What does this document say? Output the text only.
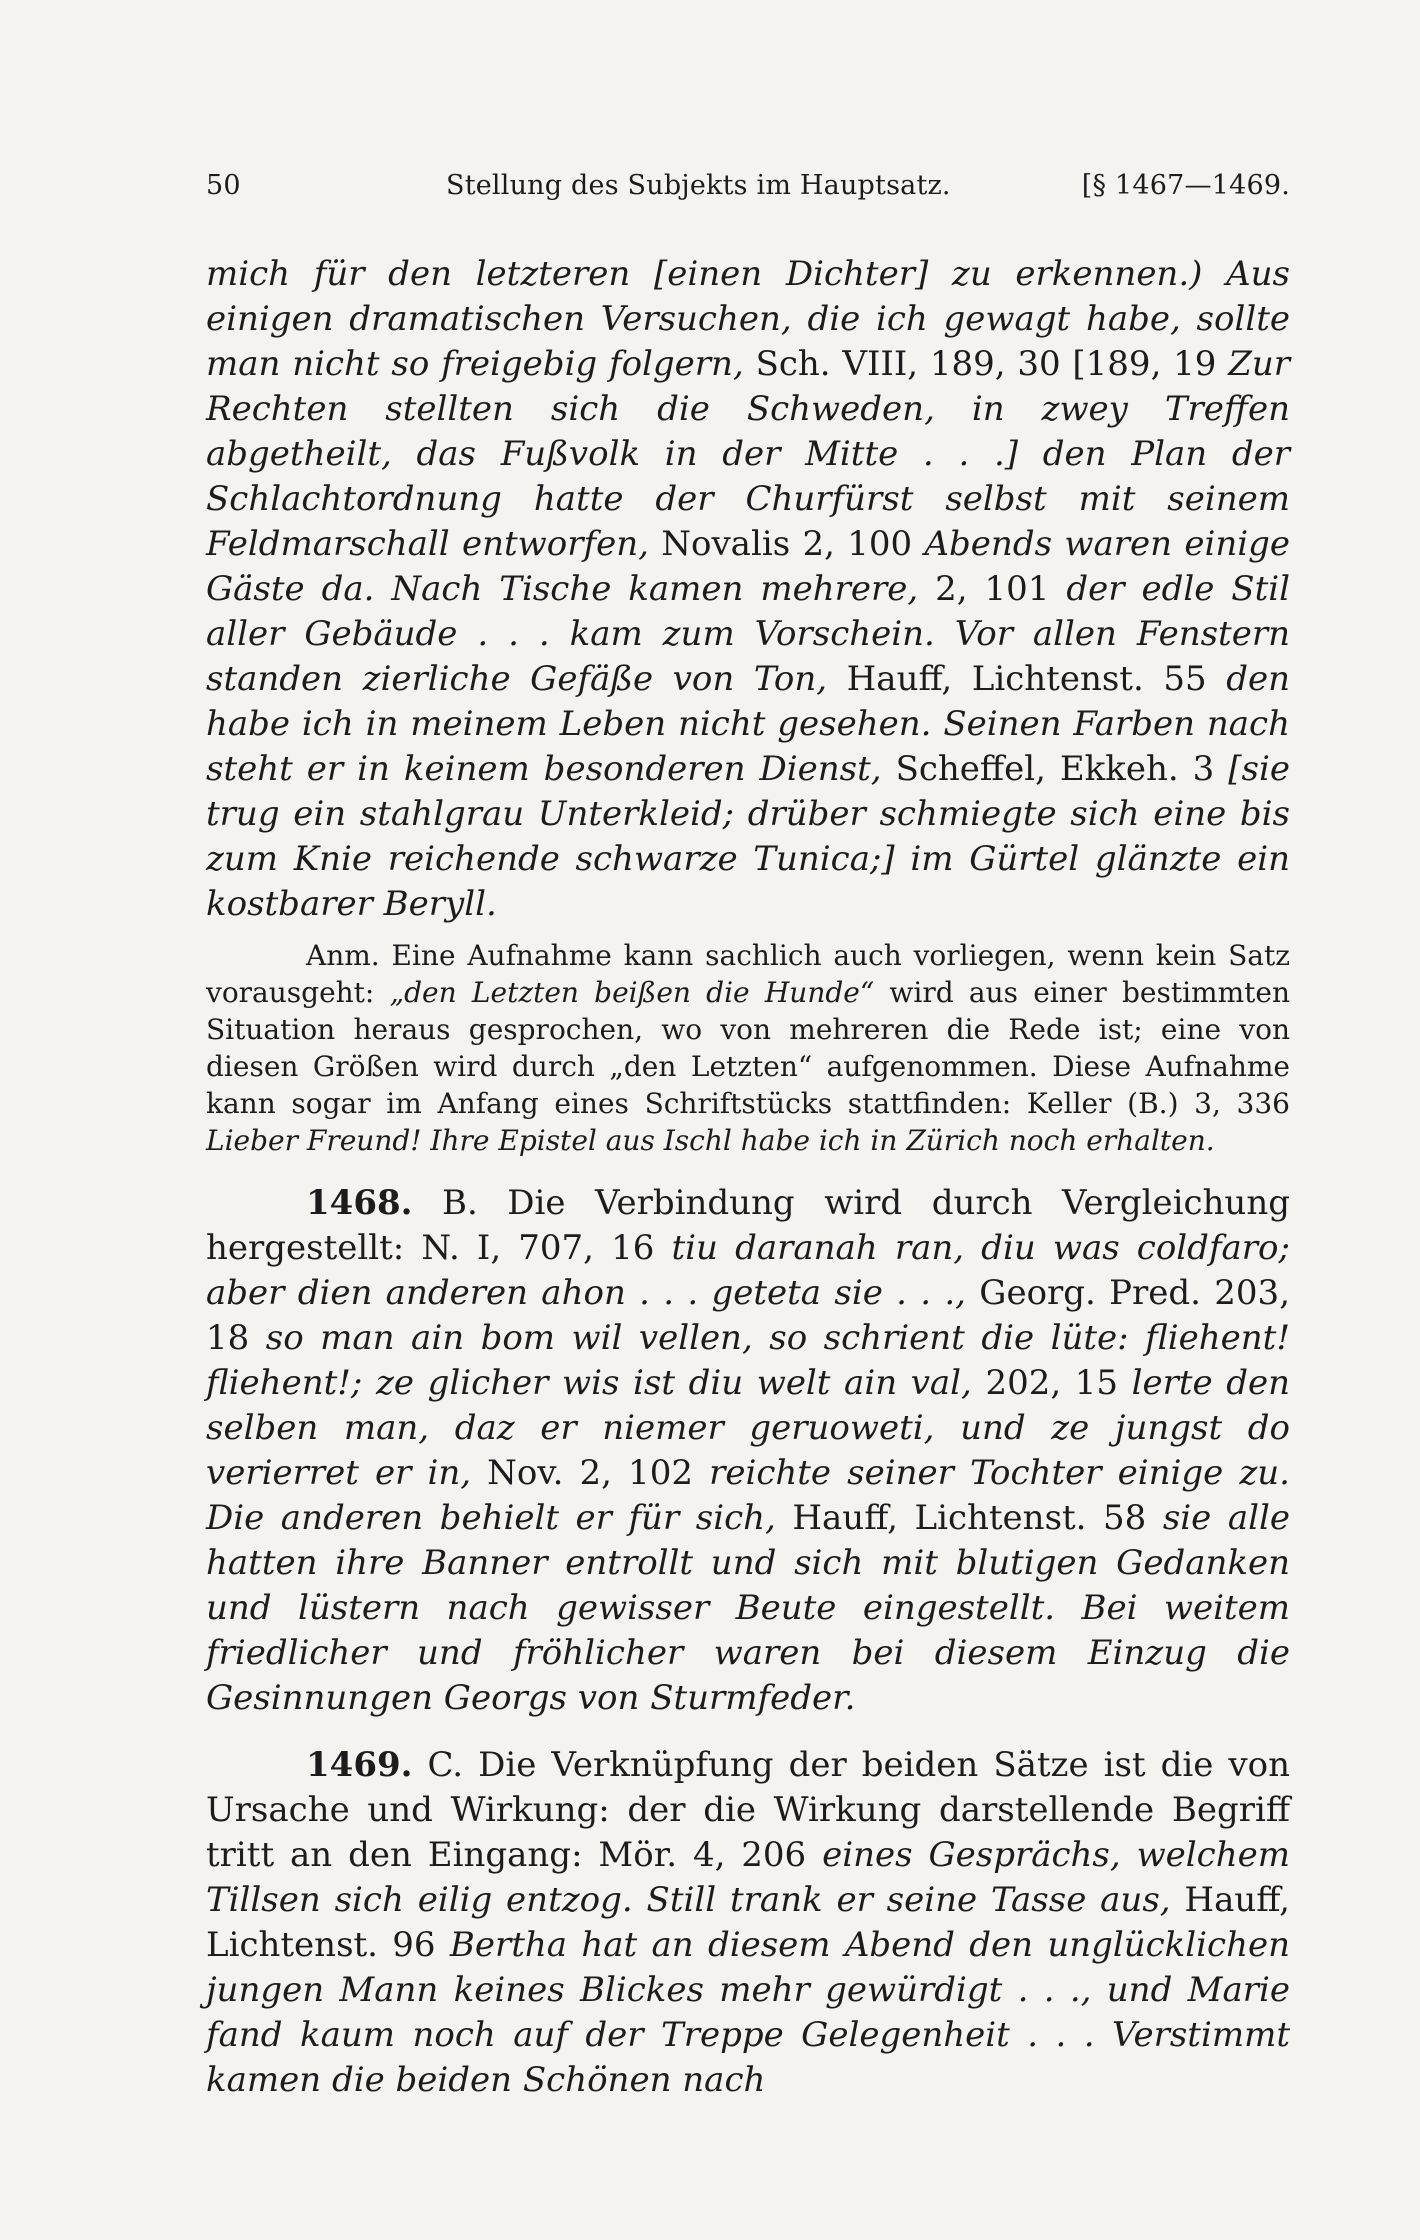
50	Stellung des Subjekts im Hauptsatz.	[§ 1467—1469.

mich für den letzteren [einen Dichter] zu erkennen.) Aus einigen dramatischen Versuchen, die ich gewagt habe, sollte man nicht so freigebig folgern, Sch. VIII, 189, 30 [189, 19 Zur Rechten stellten sich die Schweden, in zwey Treffen abgetheilt, das Fußvolk in der Mitte . . .] den Plan der Schlachtordnung hatte der Churfürst selbst mit seinem Feldmarschall entworfen, Novalis 2, 100 Abends waren einige Gäste da. Nach Tische kamen mehrere, 2, 101 der edle Stil aller Gebäude . . . kam zum Vorschein. Vor allen Fenstern standen zierliche Gefäße von Ton, Hauff, Lichtenst. 55 den habe ich in meinem Leben nicht gesehen. Seinen Farben nach steht er in keinem besonderen Dienst, Scheffel, Ekkeh. 3 [sie trug ein stahlgrau Unterkleid; drüber schmiegte sich eine bis zum Knie reichende schwarze Tunica;] im Gürtel glänzte ein kostbarer Beryll.

Anm. Eine Aufnahme kann sachlich auch vorliegen, wenn kein Satz vorausgeht: „den Letzten beißen die Hunde“ wird aus einer bestimmten Situation heraus gesprochen, wo von mehreren die Rede ist; eine von diesen Größen wird durch „den Letzten“ aufgenommen. Diese Aufnahme kann sogar im Anfang eines Schriftstücks stattfinden: Keller (B.) 3, 336 Lieber Freund! Ihre Epistel aus Ischl habe ich in Zürich noch erhalten.

1468. B. Die Verbindung wird durch Vergleichung hergestellt: N. I, 707, 16 tiu daranah ran, diu was coldfaro; aber dien anderen ahon . . . geteta sie . . ., Georg. Pred. 203, 18 so man ain bom wil vellen, so schrient die lüte: fliehent! fliehent!; ze glicher wis ist diu welt ain val, 202, 15 lerte den selben man, daz er niemer geruoweti, und ze jungst do verierret er in, Nov. 2, 102 reichte seiner Tochter einige zu. Die anderen behielt er für sich, Hauff, Lichtenst. 58 sie alle hatten ihre Banner entrollt und sich mit blutigen Gedanken und lüstern nach gewisser Beute eingestellt. Bei weitem friedlicher und fröhlicher waren bei diesem Einzug die Gesinnungen Georgs von Sturmfeder.

1469. C. Die Verknüpfung der beiden Sätze ist die von Ursache und Wirkung: der die Wirkung darstellende Begriff tritt an den Eingang: Mör. 4, 206 eines Gesprächs, welchem Tillsen sich eilig entzog. Still trank er seine Tasse aus, Hauff, Lichtenst. 96 Bertha hat an diesem Abend den unglücklichen jungen Mann keines Blickes mehr gewürdigt . . ., und Marie fand kaum noch auf der Treppe Gelegenheit . . . Verstimmt kamen die beiden Schönen nach
